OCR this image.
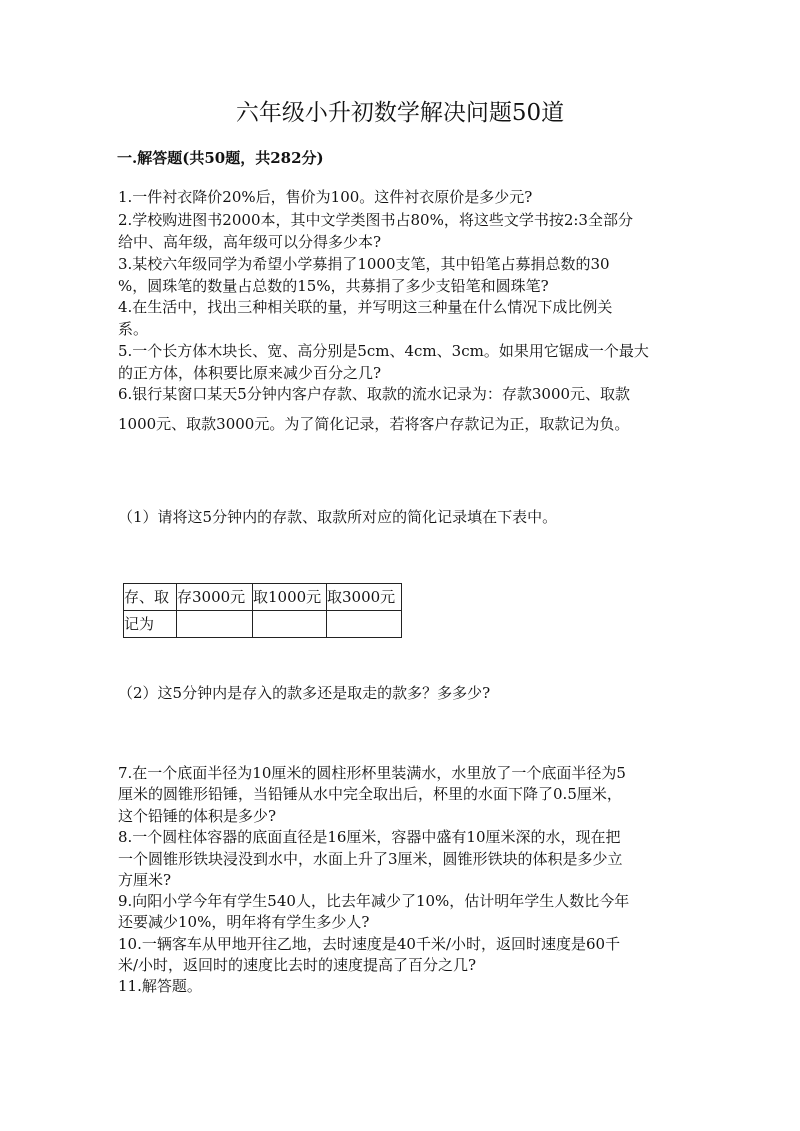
六年级小升初数学解决问题50道
一.解答题(共50题，共282分)
1.一件衬衣降价20%后，售价为100。这件衬衣原价是多少元?
2.学校购进图书2000本，其中文学类图书占80%，将这些文学书按2:3全部分
给中、高年级，高年级可以分得多少本?
3.某校六年级同学为希望小学募捐了1000支笔，其中铅笔占募捐总数的30
%，圆珠笔的数量占总数的15%，共募捐了多少支铅笔和圆珠笔?
4.在生活中，找出三种相关联的量，并写明这三种量在什么情况下成比例关
系。
5.一个长方体木块长、宽、高分别是5cm、4cm、3cm。如果用它锯成一个最大
的正方体，体积要比原来减少百分之几?
6.银行某窗口某天5分钟内客户存款、取款的流水记录为：存款3000元、取款
1000元、取款3000元。为了简化记录，若将客户存款记为正，取款记为负。
（1）请将这5分钟内的存款、取款所对应的简化记录填在下表中。
存、取	存3000元	取1000元	取3000元
记为			
（2）这5分钟内是存入的款多还是取走的款多？多多少?
7.在一个底面半径为10厘米的圆柱形杯里装满水，水里放了一个底面半径为5
厘米的圆锥形铅锤，当铅锤从水中完全取出后，杯里的水面下降了0.5厘米，
这个铅锤的体积是多少?
8.一个圆柱体容器的底面直径是16厘米，容器中盛有10厘米深的水，现在把
一个圆锥形铁块浸没到水中，水面上升了3厘米，圆锥形铁块的体积是多少立
方厘米?
9.向阳小学今年有学生540人，比去年减少了10%，估计明年学生人数比今年
还要减少10%，明年将有学生多少人?
10.一辆客车从甲地开往乙地，去时速度是40千米/小时，返回时速度是60千
米/小时，返回时的速度比去时的速度提高了百分之几?
11.解答题。
